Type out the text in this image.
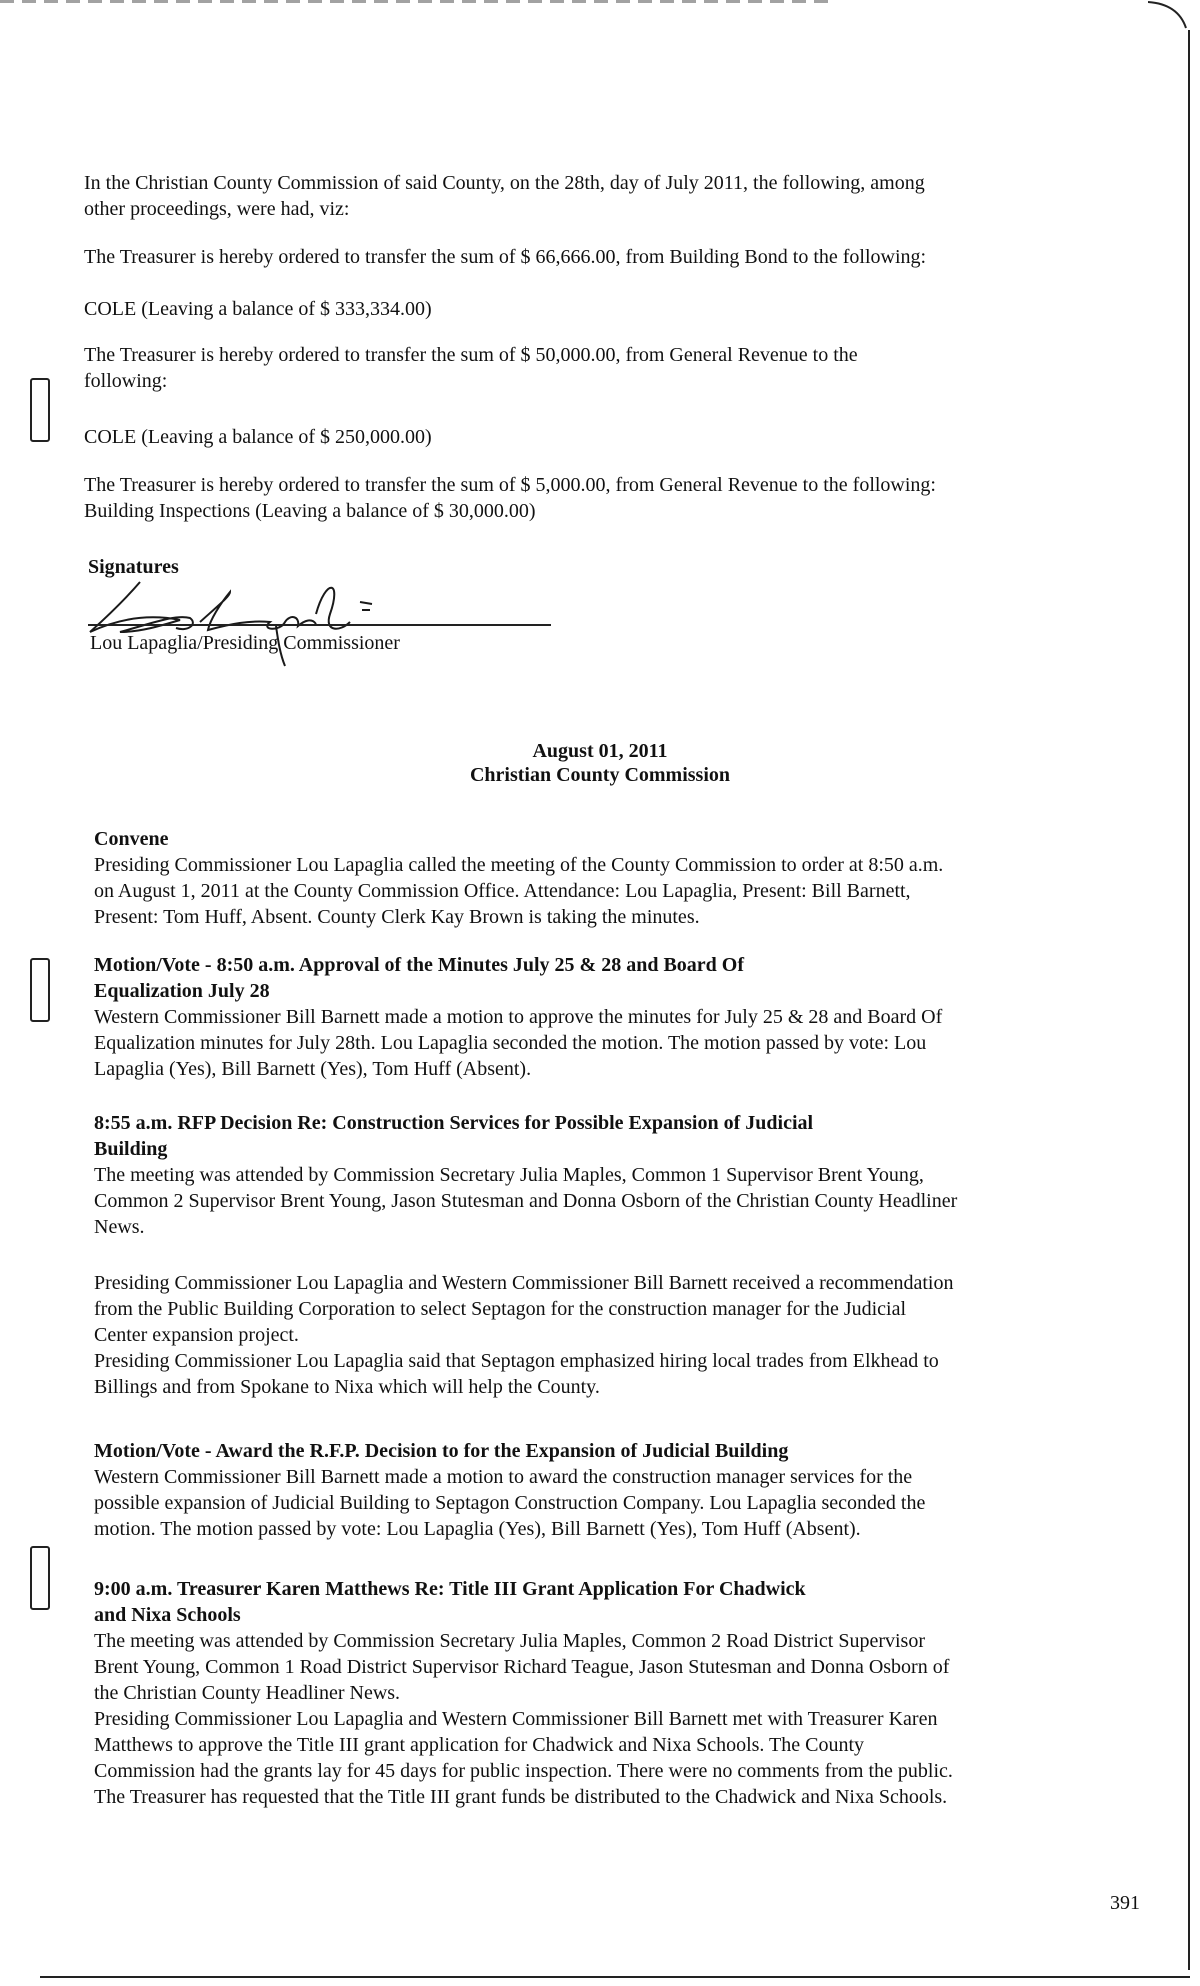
In the Christian County Commission of said County, on the 28th, day of July 2011, the following, among
other proceedings, were had, viz:
The Treasurer is hereby ordered to transfer the sum of $ 66,666.00, from Building Bond to the following:
COLE (Leaving a balance of $ 333,334.00)
The Treasurer is hereby ordered to transfer the sum of $ 50,000.00, from General Revenue to the
following:
COLE (Leaving a balance of $ 250,000.00)
The Treasurer is hereby ordered to transfer the sum of $ 5,000.00, from General Revenue to the following:
Building Inspections (Leaving a balance of $ 30,000.00)
Signatures
Lou Lapaglia/Presiding Commissioner
August 01, 2011
Christian County Commission
Convene
Presiding Commissioner Lou Lapaglia called the meeting of the County Commission to order at 8:50 a.m.
on August 1, 2011 at the County Commission Office. Attendance: Lou Lapaglia, Present: Bill Barnett,
Present: Tom Huff, Absent. County Clerk Kay Brown is taking the minutes.
Motion/Vote - 8:50 a.m. Approval of the Minutes July 25 & 28 and Board Of
Equalization July 28
Western Commissioner Bill Barnett made a motion to approve the minutes for July 25 & 28 and Board Of
Equalization minutes for July 28th. Lou Lapaglia seconded the motion. The motion passed by vote: Lou
Lapaglia (Yes), Bill Barnett (Yes), Tom Huff (Absent).
8:55 a.m. RFP Decision Re: Construction Services for Possible Expansion of Judicial
Building
The meeting was attended by Commission Secretary Julia Maples, Common 1 Supervisor Brent Young,
Common 2 Supervisor Brent Young, Jason Stutesman and Donna Osborn of the Christian County Headliner
News.
Presiding Commissioner Lou Lapaglia and Western Commissioner Bill Barnett received a recommendation
from the Public Building Corporation to select Septagon for the construction manager for the Judicial
Center expansion project.
Presiding Commissioner Lou Lapaglia said that Septagon emphasized hiring local trades from Elkhead to
Billings and from Spokane to Nixa which will help the County.
Motion/Vote - Award the R.F.P. Decision to for the Expansion of Judicial Building
Western Commissioner Bill Barnett made a motion to award the construction manager services for the
possible expansion of Judicial Building to Septagon Construction Company. Lou Lapaglia seconded the
motion. The motion passed by vote: Lou Lapaglia (Yes), Bill Barnett (Yes), Tom Huff (Absent).
9:00 a.m. Treasurer Karen Matthews Re: Title III Grant Application For Chadwick
and Nixa Schools
The meeting was attended by Commission Secretary Julia Maples, Common 2 Road District Supervisor
Brent Young, Common 1 Road District Supervisor Richard Teague, Jason Stutesman and Donna Osborn of
the Christian County Headliner News.
Presiding Commissioner Lou Lapaglia and Western Commissioner Bill Barnett met with Treasurer Karen
Matthews to approve the Title III grant application for Chadwick and Nixa Schools. The County
Commission had the grants lay for 45 days for public inspection. There were no comments from the public.
The Treasurer has requested that the Title III grant funds be distributed to the Chadwick and Nixa Schools.
391
